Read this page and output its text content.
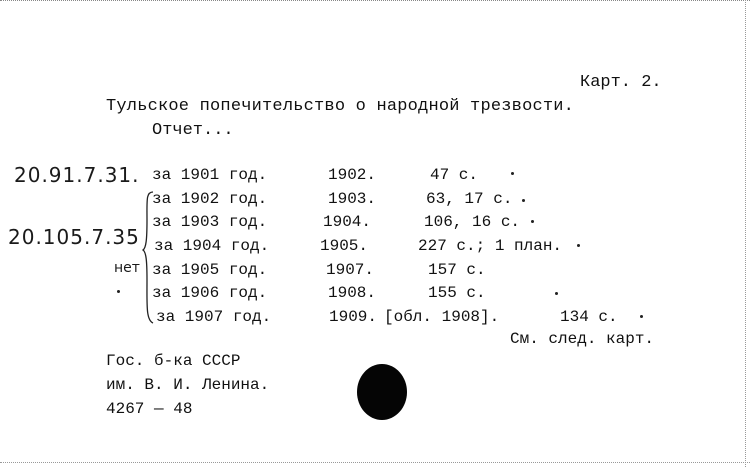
Карт. 2.
Тульское попечительство о народной трезвости.
Отчет...
20.91.7.31.
20.105.7.35
нет
за 1901 год.	1902.	47 с.
за 1902 год.	1903.	63, 17 с.
за 1903 год.	1904.	106, 16 с.
за 1904 год.	1905.	227 с.; 1 план.
за 1905 год.	1907.	157 с.
за 1906 год.	1908.	155 с.
за 1907 год.	1909. [обл. 1908].	134 с.
См. след. карт.
Гос. б-ка СССР
им. В. И. Ленина.
4267 — 48
